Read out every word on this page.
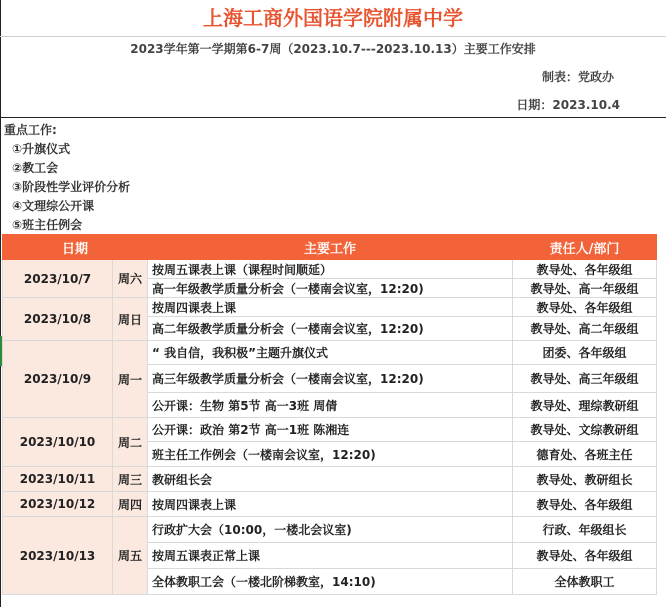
上海工商外国语学院附属中学
2023学年第一学期第6-7周（2023.10.7---2023.10.13）主要工作安排
制表：党政办
日期：2023.10.4
重点工作:
①升旗仪式
②教工会
③阶段性学业评价分析
④文理综公开课
⑤班主任例会
日期		主要工作	责任人/部门
2023/10/7	周六	按周五课表上课（课程时间顺延）	教导处、各年级组
		高一年级教学质量分析会（一楼南会议室，12:20)	教导处、高一年级组
2023/10/8	周日	按周四课表上课	教导处、各年级组
		高二年级教学质量分析会（一楼南会议室，12:20)	教导处、高二年级组
2023/10/9	周一	“ 我自信，我积极”主题升旗仪式	团委、各年级组
		高三年级教学质量分析会（一楼南会议室，12:20)	教导处、高三年级组
		公开课：生物 第5节 高一3班 周倩	教导处、理综教研组
2023/10/10	周二	公开课：政治 第2节 高一1班 陈湘连	教导处、文综教研组
		班主任工作例会（一楼南会议室，12:20)	德育处、各班主任
2023/10/11	周三	教研组长会	教导处、教研组长
2023/10/12	周四	按周四课表上课	教导处、各年级组
2023/10/13	周五	行政扩大会（10:00，一楼北会议室)	行政、年级组长
		按周五课表正常上课	教导处、各年级组
		全体教职工会（一楼北阶梯教室，14:10)	全体教职工
